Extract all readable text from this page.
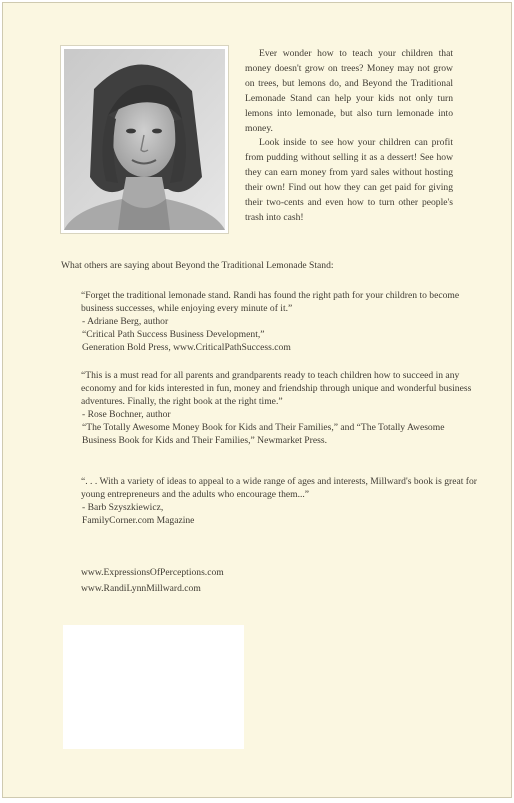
Ever wonder how to teach your children that money doesn't grow on trees? Money may not grow on trees, but lemons do, and Beyond the Traditional Lemonade Stand can help your kids not only turn lemons into lemonade, but also turn lemonade into money.

Look inside to see how your children can profit from pudding without selling it as a dessert! See how they can earn money from yard sales without hosting their own! Find out how they can get paid for giving their two-cents and even how to turn other people's trash into cash!

What others are saying about Beyond the Traditional Lemonade Stand:

“Forget the traditional lemonade stand. Randi has found the right path for your children to become business successes, while enjoying every minute of it.”

- Adriane Berg, author

“Critical Path Success Business Development,”

Generation Bold Press, www.CriticalPathSuccess.com

“This is a must read for all parents and grandparents ready to teach children how to succeed in any economy and for kids interested in fun, money and friendship through unique and wonderful business adventures. Finally, the right book at the right time.”

- Rose Bochner, author

“The Totally Awesome Money Book for Kids and Their Families,” and “The Totally Awesome Business Book for Kids and Their Families,” Newmarket Press.

“. . . With a variety of ideas to appeal to a wide range of ages and interests, Millward's book is great for young entrepreneurs and the adults who encourage them...”

- Barb Szyszkiewicz,

FamilyCorner.com Magazine

www.ExpressionsOfPerceptions.com
www.RandiLynnMillward.com
